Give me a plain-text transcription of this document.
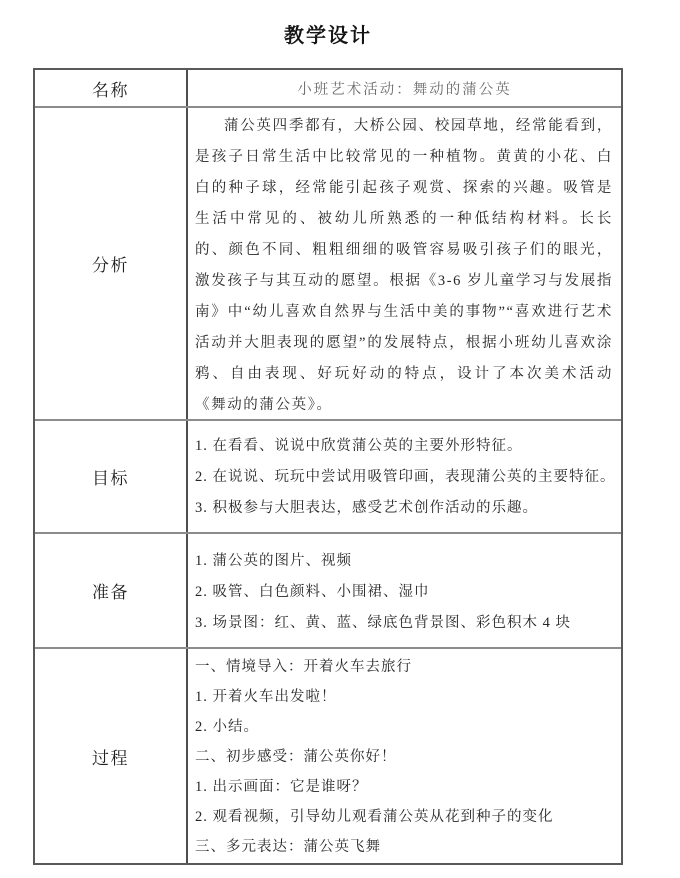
教学设计
名称	小班艺术活动：舞动的蒲公英
分析
蒲公英四季都有，大桥公园、校园草地，经常能看到，是孩子日常生活中比较常见的一种植物。黄黄的小花、白白的种子球，经常能引起孩子观赏、探索的兴趣。吸管是生活中常见的、被幼儿所熟悉的一种低结构材料。长长的、颜色不同、粗粗细细的吸管容易吸引孩子们的眼光，激发孩子与其互动的愿望。根据《3-6 岁儿童学习与发展指南》中“幼儿喜欢自然界与生活中美的事物”“喜欢进行艺术活动并大胆表现的愿望”的发展特点，根据小班幼儿喜欢涂鸦、自由表现、好玩好动的特点，设计了本次美术活动《舞动的蒲公英》。
目标
1. 在看看、说说中欣赏蒲公英的主要外形特征。
2. 在说说、玩玩中尝试用吸管印画，表现蒲公英的主要特征。
3. 积极参与大胆表达，感受艺术创作活动的乐趣。
准备
1. 蒲公英的图片、视频
2. 吸管、白色颜料、小围裙、湿巾
3. 场景图：红、黄、蓝、绿底色背景图、彩色积木 4 块
过程
一、情境导入：开着火车去旅行
1. 开着火车出发啦！
2. 小结。
二、初步感受：蒲公英你好！
1. 出示画面：它是谁呀？
2. 观看视频，引导幼儿观看蒲公英从花到种子的变化
三、多元表达：蒲公英飞舞
